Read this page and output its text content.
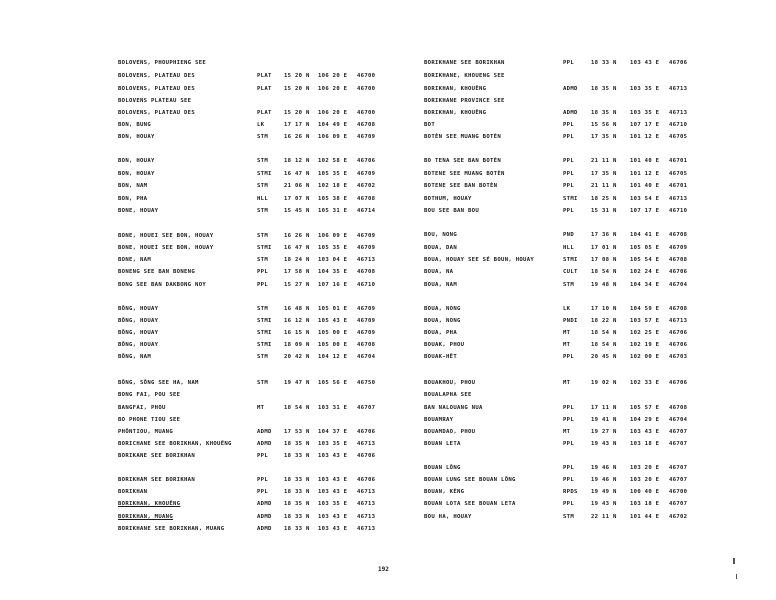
BOLOVENS, PHOUPHIENG SEE
BOLOVENS, PLATEAU DES	PLAT 15 20 N 106 20 E 46700
BOLOVENS, PLATEAU DES	PLAT 15 20 N 106 20 E 46700
BOLOVENS PLATEAU SEE
BOLOVENS, PLATEAU DES	PLAT 15 20 N 106 20 E 46700
BON, BUNG	LK	17 17 N 104 49 E 46708
BON, HOUAY	STM	16 26 N 106 09 E 46709
BON, HOUAY	STM	18 12 N 102 58 E 46706
BON, HOUAY	STMI 16 47 N 105 35 E 46709
BON, NAM	STM	21 06 N 102 18 E 46702
BON, PHA	HLL	17 07 N 105 38 E 46708
BONE, HOUAY	STM	15 45 N 105 31 E 46714
BONE, HOUEI SEE BON, HOUAY	STM	16 26 N 106 09 E 46709
BONE, HOUEI SEE BON, HOUAY	STMI 16 47 N 105 35 E 46709
BONE, NAM	STM	18 24 N 103 04 E 46713
BONENG SEE BAN BONENG	PPL	17 58 N 104 35 E 46708
BONG SEE BAN DAKBONG NOY	PPL	15 27 N 107 16 E 46710
BÔNG, HOUAY	STM	16 48 N 105 01 E 46709
BÔNG, HOUAY	STMI 16 12 N 105 43 E 46709
BÔNG, HOUAY	STMI 16 15 N 105 00 E 46709
BÔNG, HOUAY	STMI 18 09 N 105 00 E 46708
BÔNG, NAM	STM	20 42 N 104 12 E 46704
BÔNG, SÔNG SEE HA, NAM	STM	19 47 N 105 56 E 46750
BONG FAI, POU SEE
BANGFAI, PHOU	MT	18 54 N 103 31 E 46707
BO PHONE TIOU SEE
PHÔNTIOU, MUANG	ADMD 17 53 N 104 37 E 46706
BORICHANE SEE BORIKHAN, KHOUÊNG	ADMD 18 35 N 103 35 E 46713
BORIKANE SEE BORIKHAN	PPL	18 33 N 103 43 E 46706
BORIKHAM SEE BORIKHAN	PPL	18 33 N 103 43 E 46706
BORIKHAN	PPL	18 33 N 103 43 E 46713
BORIKHAN, KHOUÊNG	ADMD 18 35 N 103 35 E 46713
BORIKHAN, MUANG	ADMD 18 33 N 103 43 E 46713
BORIKHANE SEE BORIKHAN, MUANG	ADMD 18 33 N 103 43 E 46713
BORIKHANE SEE BORIKHAN	PPL	18 33 N 103 43 E 46706
BORIKHANE, KHOUENG SEE
BORIKHAN, KHOUÊNG	ADMD 18 35 N 103 35 E 46713
BORIKHANE PROVINCE SEE
BORIKHAN, KHOUÊNG	ADMD 18 35 N 103 35 E 46713
BOT	PPL	15 56 N 107 17 E 46710
BOTÈN SEE MUANG BOTÈN	PPL	17 35 N 101 12 E 46705
BO TENA SEE BAN BOTÈN	PPL	21 11 N 101 40 E 46701
BOTENE SEE MUANG BOTÈN	PPL	17 35 N 101 12 E 46705
BOTENE SEE BAN BOTÈN	PPL	21 11 N 101 40 E 46701
BOTHUM, HOUAY	STMI 18 25 N 103 54 E 46713
BOU SEE BAN BOU	PPL	15 31 N 107 17 E 46710
BOU, NONG	PND	17 36 N 104 41 E 46708
BOUA, DAN	HLL	17 01 N 105 05 E 46709
BOUA, HOUAY SEE SÉ BOUN, HOUAY	STMI 17 08 N 105 54 E 46708
BOUA, NA	CULT 18 54 N 102 24 E 46706
BOUA, NAM	STM	19 48 N 104 34 E 46704
BOUA, NONG	LK	17 10 N 104 59 E 46708
BOUA, NONG	PNDI 18 22 N 103 57 E 46713
BOUA, PHA	MT	18 54 N 102 25 E 46706
BOUAK, PHOU	MT	18 54 N 102 19 E 46706
BOUAK-HÊT	PPL	20 45 N 102 00 E 46703
BOUAKHOU, PHOU	MT	19 02 N 102 33 E 46706
BOUALAPHA SEE
BAN NALOUANG NUA	PPL	17 11 N 105 57 E 46708
BOUAMRAY	PPL	19 41 N 104 29 E 46704
BOUAMDAO, PHOU	MT	19 27 N 103 43 E 46707
BOUAN LETA	PPL	19 43 N 103 18 E 46707
BOUAN LÔNG	PPL	19 46 N 103 20 E 46707
BOUAN LUNG SEE BOUAN LÔNG	PPL	19 46 N 103 20 E 46707
BOUAN, KÈNG	RPDS 19 49 N 100 40 E 46700
BOUAN LOTA SEE BOUAN LETA	PPL	19 43 N 103 18 E 46707
BOU HA, HOUAY	STM	22 11 N 101 44 E 46702
192
